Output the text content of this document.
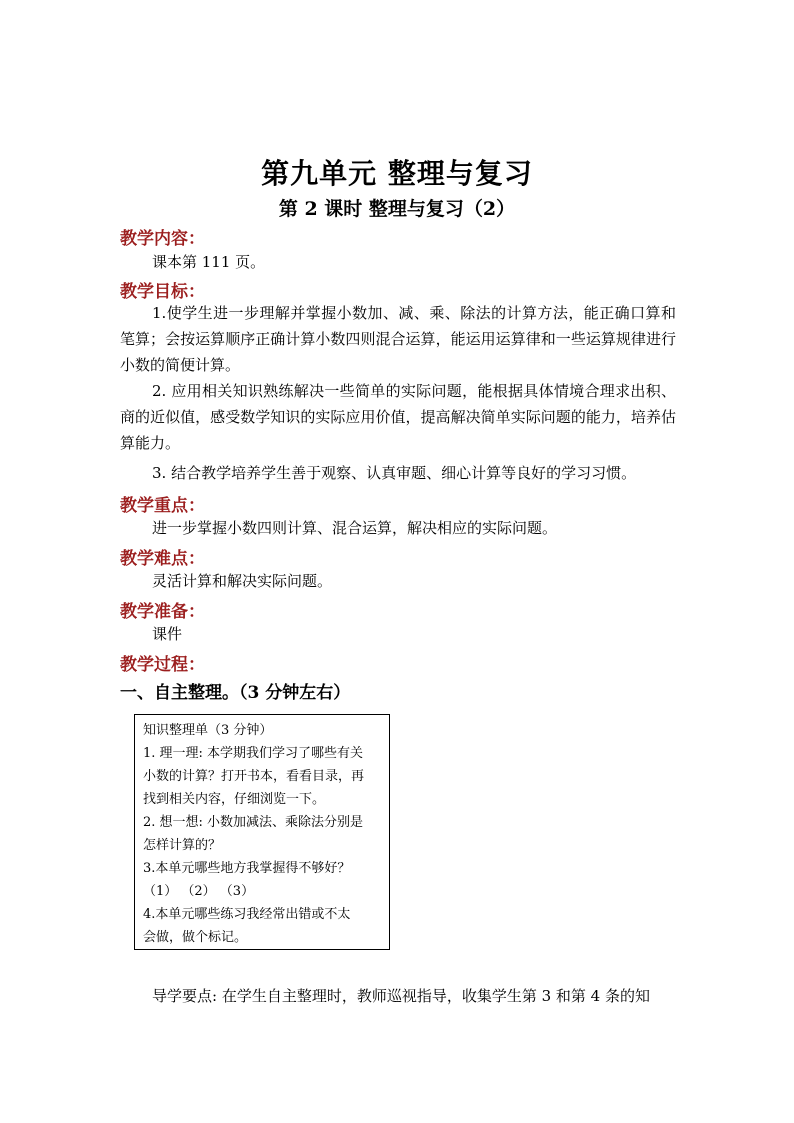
第九单元 整理与复习
第 2 课时 整理与复习（2）
教学内容：
课本第 111 页。
教学目标：
1.使学生进一步理解并掌握小数加、减、乘、除法的计算方法，能正确口算和笔算；会按运算顺序正确计算小数四则混合运算，能运用运算律和一些运算规律进行小数的简便计算。
2. 应用相关知识熟练解决一些简单的实际问题，能根据具体情境合理求出积、商的近似值，感受数学知识的实际应用价值，提高解决简单实际问题的能力，培养估算能力。
3. 结合教学培养学生善于观察、认真审题、细心计算等良好的学习习惯。
教学重点：
进一步掌握小数四则计算、混合运算，解决相应的实际问题。
教学难点：
灵活计算和解决实际问题。
教学准备：
课件
教学过程：
一、自主整理。（3 分钟左右）
知识整理单（3 分钟）
1. 理一理: 本学期我们学习了哪些有关
小数的计算？打开书本，看看目录，再
找到相关内容，仔细浏览一下。
2. 想一想: 小数加减法、乘除法分别是
怎样计算的？
3.本单元哪些地方我掌握得不够好？
（1） （2） （3）
4.本单元哪些练习我经常出错或不太
会做，做个标记。
导学要点: 在学生自主整理时，教师巡视指导，收集学生第 3 和第 4 条的知
